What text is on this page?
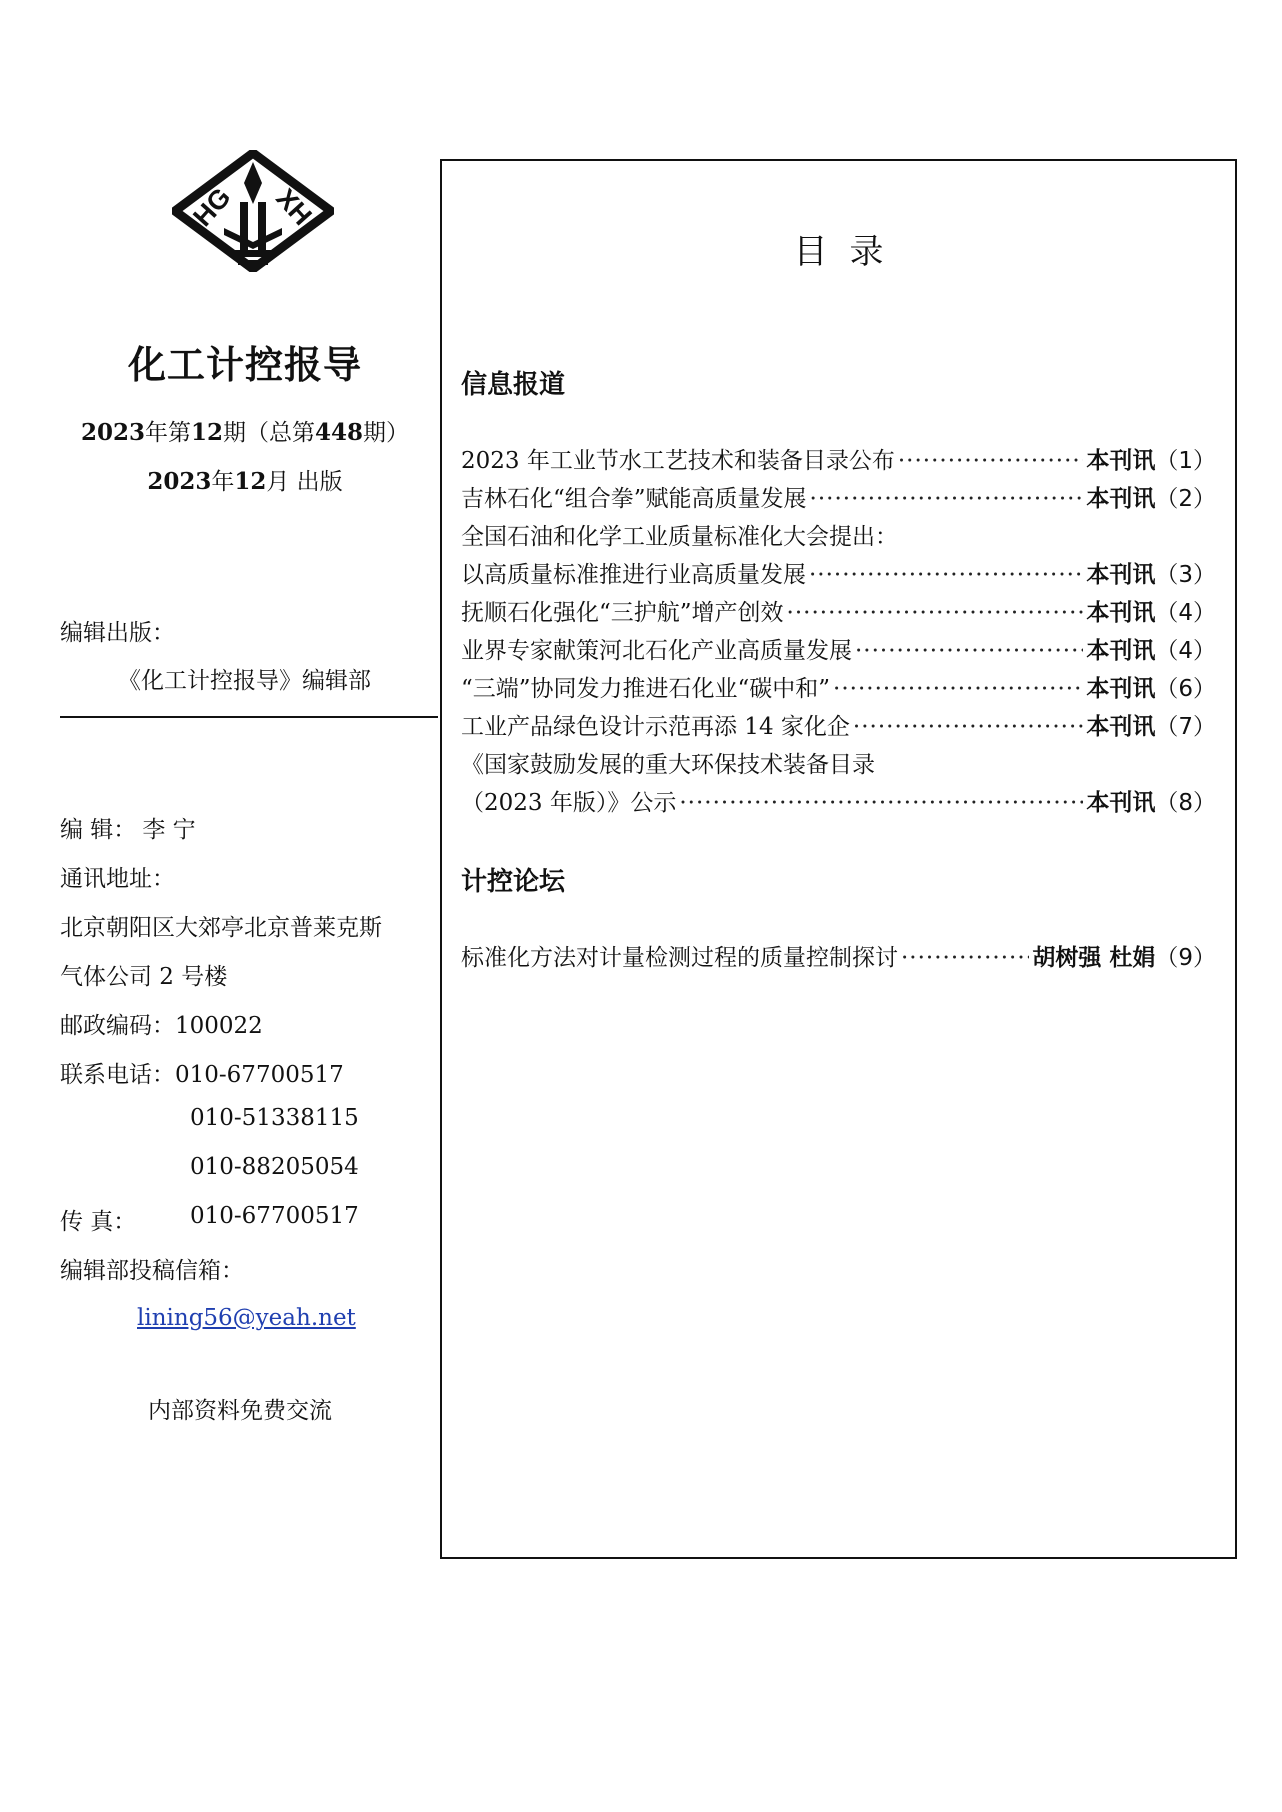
HG XH
化工计控报导
2023年第12期（总第448期）
2023年12月 出版
编辑出版：
《化工计控报导》编辑部
编 辑： 李 宁
通讯地址：
北京朝阳区大郊亭北京普莱克斯
气体公司 2 号楼
邮政编码：100022
联系电话：010-67700517
010-51338115
010-88205054
传 真： 010-67700517
编辑部投稿信箱：
lining56@yeah.net
内部资料免费交流
目录
信息报道
2023 年工业节水工艺技术和装备目录公布 ·····	本刊讯 （1）
吉林石化“组合拳”赋能高质量发展 ·····	本刊讯 （2）
全国石油和化学工业质量标准化大会提出：
以高质量标准推进行业高质量发展 ·····	本刊讯 （3）
抚顺石化强化“三护航”增产创效 ·····	本刊讯 （4）
业界专家献策河北石化产业高质量发展 ·····	本刊讯 （4）
“三端”协同发力推进石化业“碳中和” ·····	本刊讯 （6）
工业产品绿色设计示范再添 14 家化企 ·····	本刊讯 （7）
《国家鼓励发展的重大环保技术装备目录
（2023 年版）》公示 ·····	本刊讯 （8）
计控论坛
标准化方法对计量检测过程的质量控制探讨 ·····	胡树强 杜娟 （9）
